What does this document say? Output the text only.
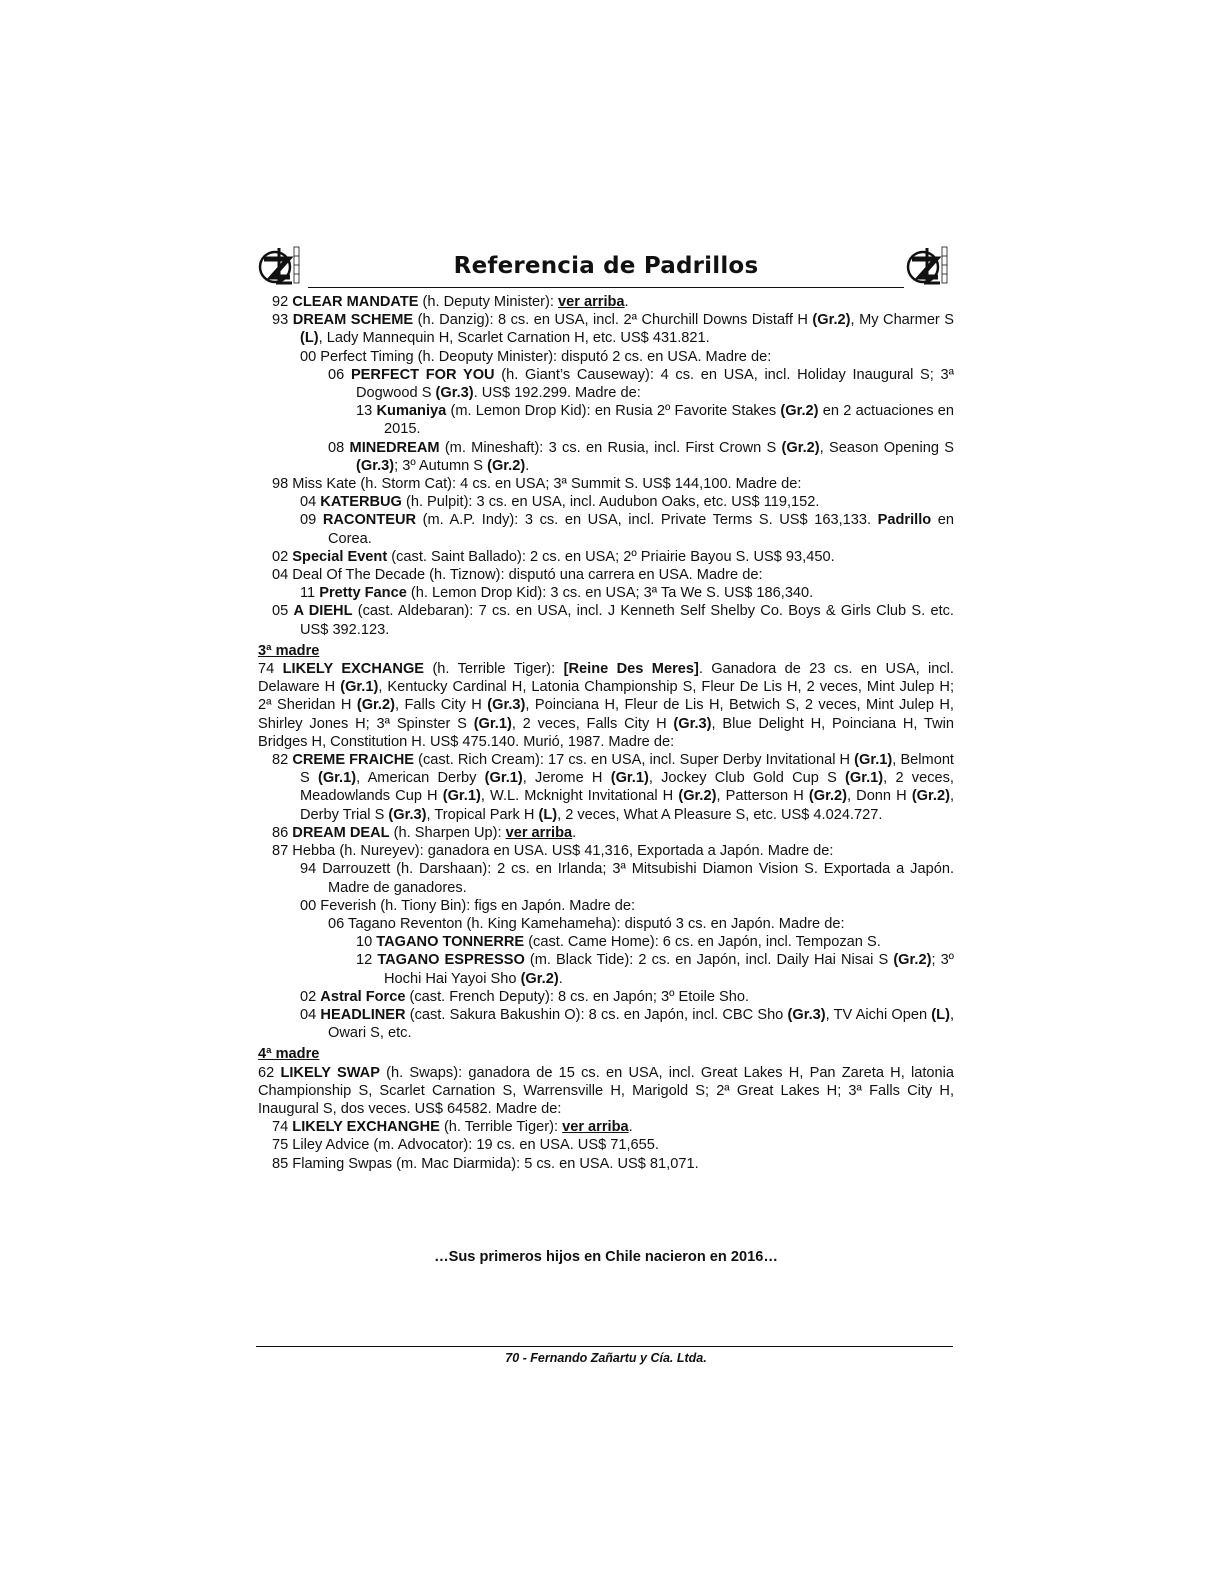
Referencia de Padrillos
92 CLEAR MANDATE (h. Deputy Minister): ver arriba.
93 DREAM SCHEME (h. Danzig): 8 cs. en USA, incl. 2ª Churchill Downs Distaff H (Gr.2), My Charmer S (L), Lady Mannequin H, Scarlet Carnation H, etc. US$ 431.821.
00 Perfect Timing (h. Deoputy Minister): disputó 2 cs. en USA. Madre de:
06 PERFECT FOR YOU (h. Giant’s Causeway): 4 cs. en USA, incl. Holiday Inaugural S; 3ª Dogwood S (Gr.3). US$ 192.299. Madre de:
13 Kumaniya (m. Lemon Drop Kid): en Rusia 2º Favorite Stakes (Gr.2) en 2 actuaciones en 2015.
08 MINEDREAM (m. Mineshaft): 3 cs. en Rusia, incl. First Crown S (Gr.2), Season Opening S (Gr.3); 3º Autumn S (Gr.2).
98 Miss Kate (h. Storm Cat): 4 cs. en USA; 3ª Summit S. US$ 144,100. Madre de:
04 KATERBUG (h. Pulpit): 3 cs. en USA, incl. Audubon Oaks, etc. US$ 119,152.
09 RACONTEUR (m. A.P. Indy): 3 cs. en USA, incl. Private Terms S. US$ 163,133. Padrillo en Corea.
02 Special Event (cast. Saint Ballado): 2 cs. en USA; 2º Priairie Bayou S. US$ 93,450.
04 Deal Of The Decade (h. Tiznow): disputó una carrera en USA. Madre de:
11 Pretty Fance (h. Lemon Drop Kid): 3 cs. en USA; 3ª Ta We S. US$ 186,340.
05 A DIEHL (cast. Aldebaran): 7 cs. en USA, incl. J Kenneth Self Shelby Co. Boys & Girls Club S. etc. US$ 392.123.
3ª madre
74 LIKELY EXCHANGE (h. Terrible Tiger): [Reine Des Meres]. Ganadora de 23 cs. en USA, incl. Delaware H (Gr.1), Kentucky Cardinal H, Latonia Championship S, Fleur De Lis H, 2 veces, Mint Julep H; 2ª Sheridan H (Gr.2), Falls City H (Gr.3), Poinciana H, Fleur de Lis H, Betwich S, 2 veces, Mint Julep H, Shirley Jones H; 3ª Spinster S (Gr.1), 2 veces, Falls City H (Gr.3), Blue Delight H, Poinciana H, Twin Bridges H, Constitution H. US$ 475.140. Murió, 1987. Madre de:
82 CREME FRAICHE (cast. Rich Cream): 17 cs. en USA, incl. Super Derby Invitational H (Gr.1), Belmont S (Gr.1), American Derby (Gr.1), Jerome H (Gr.1), Jockey Club Gold Cup S (Gr.1), 2 veces, Meadowlands Cup H (Gr.1), W.L. Mcknight Invitational H (Gr.2), Patterson H (Gr.2), Donn H (Gr.2), Derby Trial S (Gr.3), Tropical Park H (L), 2 veces, What A Pleasure S, etc. US$ 4.024.727.
86 DREAM DEAL (h. Sharpen Up): ver arriba.
87 Hebba (h. Nureyev): ganadora en USA. US$ 41,316, Exportada a Japón. Madre de:
94 Darrouzett (h. Darshaan): 2 cs. en Irlanda; 3ª Mitsubishi Diamon Vision S. Exportada a Japón. Madre de ganadores.
00 Feverish (h. Tiony Bin): figs en Japón. Madre de:
06 Tagano Reventon (h. King Kamehameha): disputó 3 cs. en Japón. Madre de:
10 TAGANO TONNERRE (cast. Came Home): 6 cs. en Japón, incl. Tempozan S.
12 TAGANO ESPRESSO (m. Black Tide): 2 cs. en Japón, incl. Daily Hai Nisai S (Gr.2); 3º Hochi Hai Yayoi Sho (Gr.2).
02 Astral Force (cast. French Deputy): 8 cs. en Japón; 3º Etoile Sho.
04 HEADLINER (cast. Sakura Bakushin O): 8 cs. en Japón, incl. CBC Sho (Gr.3), TV Aichi Open (L), Owari S, etc.
4ª madre
62 LIKELY SWAP (h. Swaps): ganadora de 15 cs. en USA, incl. Great Lakes H, Pan Zareta H, latonia Championship S, Scarlet Carnation S, Warrensville H, Marigold S; 2ª Great Lakes H; 3ª Falls City H, Inaugural S, dos veces. US$ 64582. Madre de:
74 LIKELY EXCHANGHE (h. Terrible Tiger): ver arriba.
75 Liley Advice (m. Advocator): 19 cs. en USA. US$ 71,655.
85 Flaming Swpas (m. Mac Diarmida): 5 cs. en USA. US$ 81,071.
…Sus primeros hijos en Chile nacieron en 2016…
70 - Fernando Zañartu y Cía. Ltda.
